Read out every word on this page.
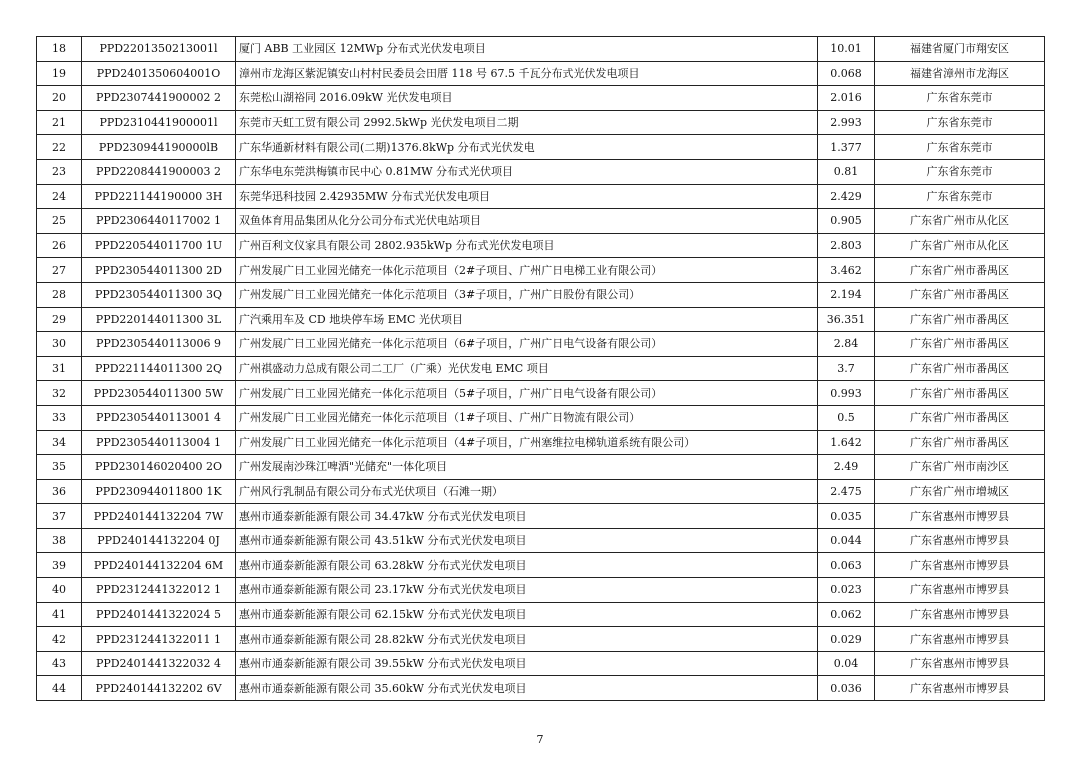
18	PPD2201350213001l	厦门 ABB 工业园区 12MWp 分布式光伏发电项目	10.01	福建省厦门市翔安区
19	PPD2401350604001O	漳州市龙海区紫泥镇安山村村民委员会田厝 118 号 67.5 千瓦分布式光伏发电项目	0.068	福建省漳州市龙海区
20	PPD2307441900002 2	东莞松山湖裕同 2016.09kW 光伏发电项目	2.016	广东省东莞市
21	PPD2310441900001l	东莞市天虹工贸有限公司 2992.5kWp 光伏发电项目二期	2.993	广东省东莞市
22	PPD230944190000lB	广东华通新材料有限公司(二期)1376.8kWp 分布式光伏发电	1.377	广东省东莞市
23	PPD2208441900003 2	广东华电东莞洪梅镇市民中心 0.81MW 分布式光伏项目	0.81	广东省东莞市
24	PPD221144190000 3H	东莞华迅科技园 2.42935MW 分布式光伏发电项目	2.429	广东省东莞市
25	PPD2306440117002 1	双鱼体育用品集团从化分公司分布式光伏电站项目	0.905	广东省广州市从化区
26	PPD220544011700 1U	广州百利文仪家具有限公司 2802.935kWp 分布式光伏发电项目	2.803	广东省广州市从化区
27	PPD230544011300 2D	广州发展广日工业园光储充一体化示范项目（2#子项目、广州广日电梯工业有限公司）	3.462	广东省广州市番禺区
28	PPD230544011300 3Q	广州发展广日工业园光储充一体化示范项目（3#子项目，广州广日股份有限公司）	2.194	广东省广州市番禺区
29	PPD220144011300 3L	广汽乘用车及 CD 地块停车场 EMC 光伏项目	36.351	广东省广州市番禺区
30	PPD2305440113006 9	广州发展广日工业园光储充一体化示范项目（6#子项目，广州广日电气设备有限公司）	2.84	广东省广州市番禺区
31	PPD221144011300 2Q	广州祺盛动力总成有限公司二工厂（广乘）光伏发电 EMC 项目	3.7	广东省广州市番禺区
32	PPD230544011300 5W	广州发展广日工业园光储充一体化示范项目（5#子项目，广州广日电气设备有限公司）	0.993	广东省广州市番禺区
33	PPD2305440113001 4	广州发展广日工业园光储充一体化示范项目（1#子项目、广州广日物流有限公司）	0.5	广东省广州市番禺区
34	PPD2305440113004 1	广州发展广日工业园光储充一体化示范项目（4#子项目，广州塞维拉电梯轨道系统有限公司）	1.642	广东省广州市番禺区
35	PPD230146020400 2O	广州发展南沙珠江啤酒"光储充"一体化项目	2.49	广东省广州市南沙区
36	PPD230944011800 1K	广州风行乳制品有限公司分布式光伏项目（石滩一期）	2.475	广东省广州市增城区
37	PPD240144132204 7W	惠州市通泰新能源有限公司 34.47kW 分布式光伏发电项目	0.035	广东省惠州市博罗县
38	PPD240144132204 0J	惠州市通泰新能源有限公司 43.51kW 分布式光伏发电项目	0.044	广东省惠州市博罗县
39	PPD240144132204 6M	惠州市通泰新能源有限公司 63.28kW 分布式光伏发电项目	0.063	广东省惠州市博罗县
40	PPD2312441322012 1	惠州市通泰新能源有限公司 23.17kW 分布式光伏发电项目	0.023	广东省惠州市博罗县
41	PPD2401441322024 5	惠州市通泰新能源有限公司 62.15kW 分布式光伏发电项目	0.062	广东省惠州市博罗县
42	PPD2312441322011 1	惠州市通泰新能源有限公司 28.82kW 分布式光伏发电项目	0.029	广东省惠州市博罗县
43	PPD2401441322032 4	惠州市通泰新能源有限公司 39.55kW 分布式光伏发电项目	0.04	广东省惠州市博罗县
44	PPD240144132202 6V	惠州市通泰新能源有限公司 35.60kW 分布式光伏发电项目	0.036	广东省惠州市博罗县
7
